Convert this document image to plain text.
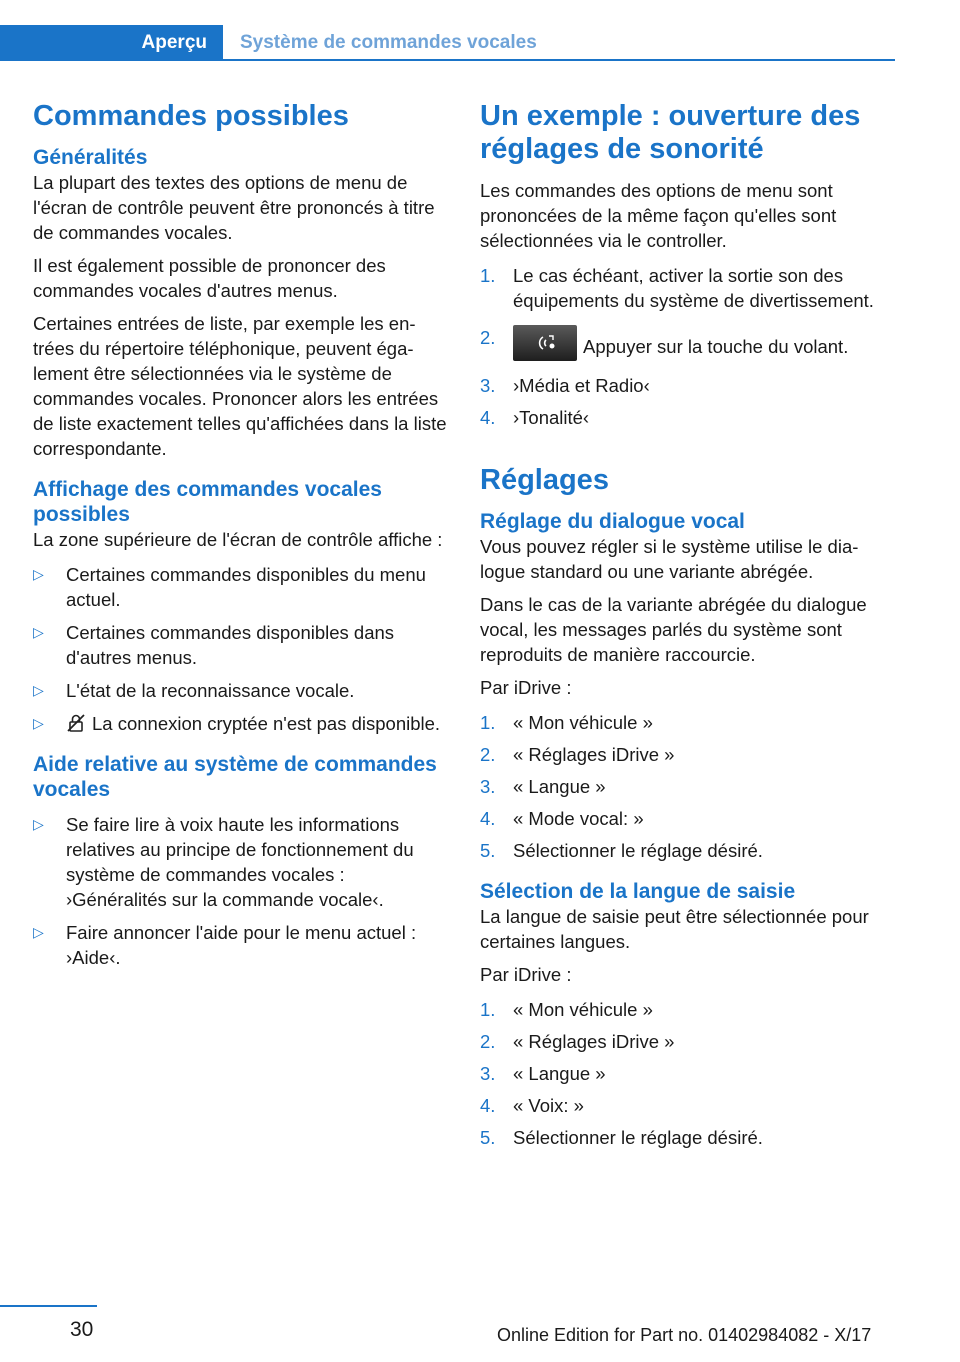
Aperçu	Système de commandes vocales
Commandes possibles
Généralités

La plupart des textes des options de menu de l'écran de contrôle peuvent être prononcés à titre de commandes vocales.

Il est également possible de prononcer des commandes vocales d'autres menus.

Certaines entrées de liste, par exemple les entrées du répertoire téléphonique, peuvent également être sélectionnées via le système de commandes vocales. Prononcer alors les entrées de liste exactement telles qu'affichées dans la liste correspondante.

Affichage des commandes vocales possibles

La zone supérieure de l'écran de contrôle affiche :

▷ Certaines commandes disponibles du menu actuel.
▷ Certaines commandes disponibles dans d'autres menus.
▷ L'état de la reconnaissance vocale.
▷	La connexion cryptée n'est pas disponible.
Aide relative au système de commandes vocales
▷ Se faire lire à voix haute les informations relatives au principe de fonctionnement du système de commandes vocales : ›Généralités sur la commande vocale‹.
▷ Faire annoncer l'aide pour le menu actuel : ›Aide‹.
Un exemple : ouverture des réglages de sonorité

Les commandes des options de menu sont prononcées de la même façon qu'elles sont sélectionnées via le controller.

1. Le cas échéant, activer la sortie son des équipements du système de divertissement.
2.	Appuyer sur la touche du volant.
3. ›Média et Radio‹
4. ›Tonalité‹
Réglages
Réglage du dialogue vocal

Vous pouvez régler si le système utilise le dialogue standard ou une variante abrégée.

Dans le cas de la variante abrégée du dialogue vocal, les messages parlés du système sont reproduits de manière raccourcie.

Par iDrive :

1. « Mon véhicule »
2. « Réglages iDrive »
3. « Langue »
4. « Mode vocal: »
5. Sélectionner le réglage désiré.
Sélection de la langue de saisie

La langue de saisie peut être sélectionnée pour certaines langues.

Par iDrive :

1. « Mon véhicule »
2. « Réglages iDrive »
3. « Langue »
4. « Voix: »
5. Sélectionner le réglage désiré.
30	Online Edition for Part no. 01402984082 - X/17
